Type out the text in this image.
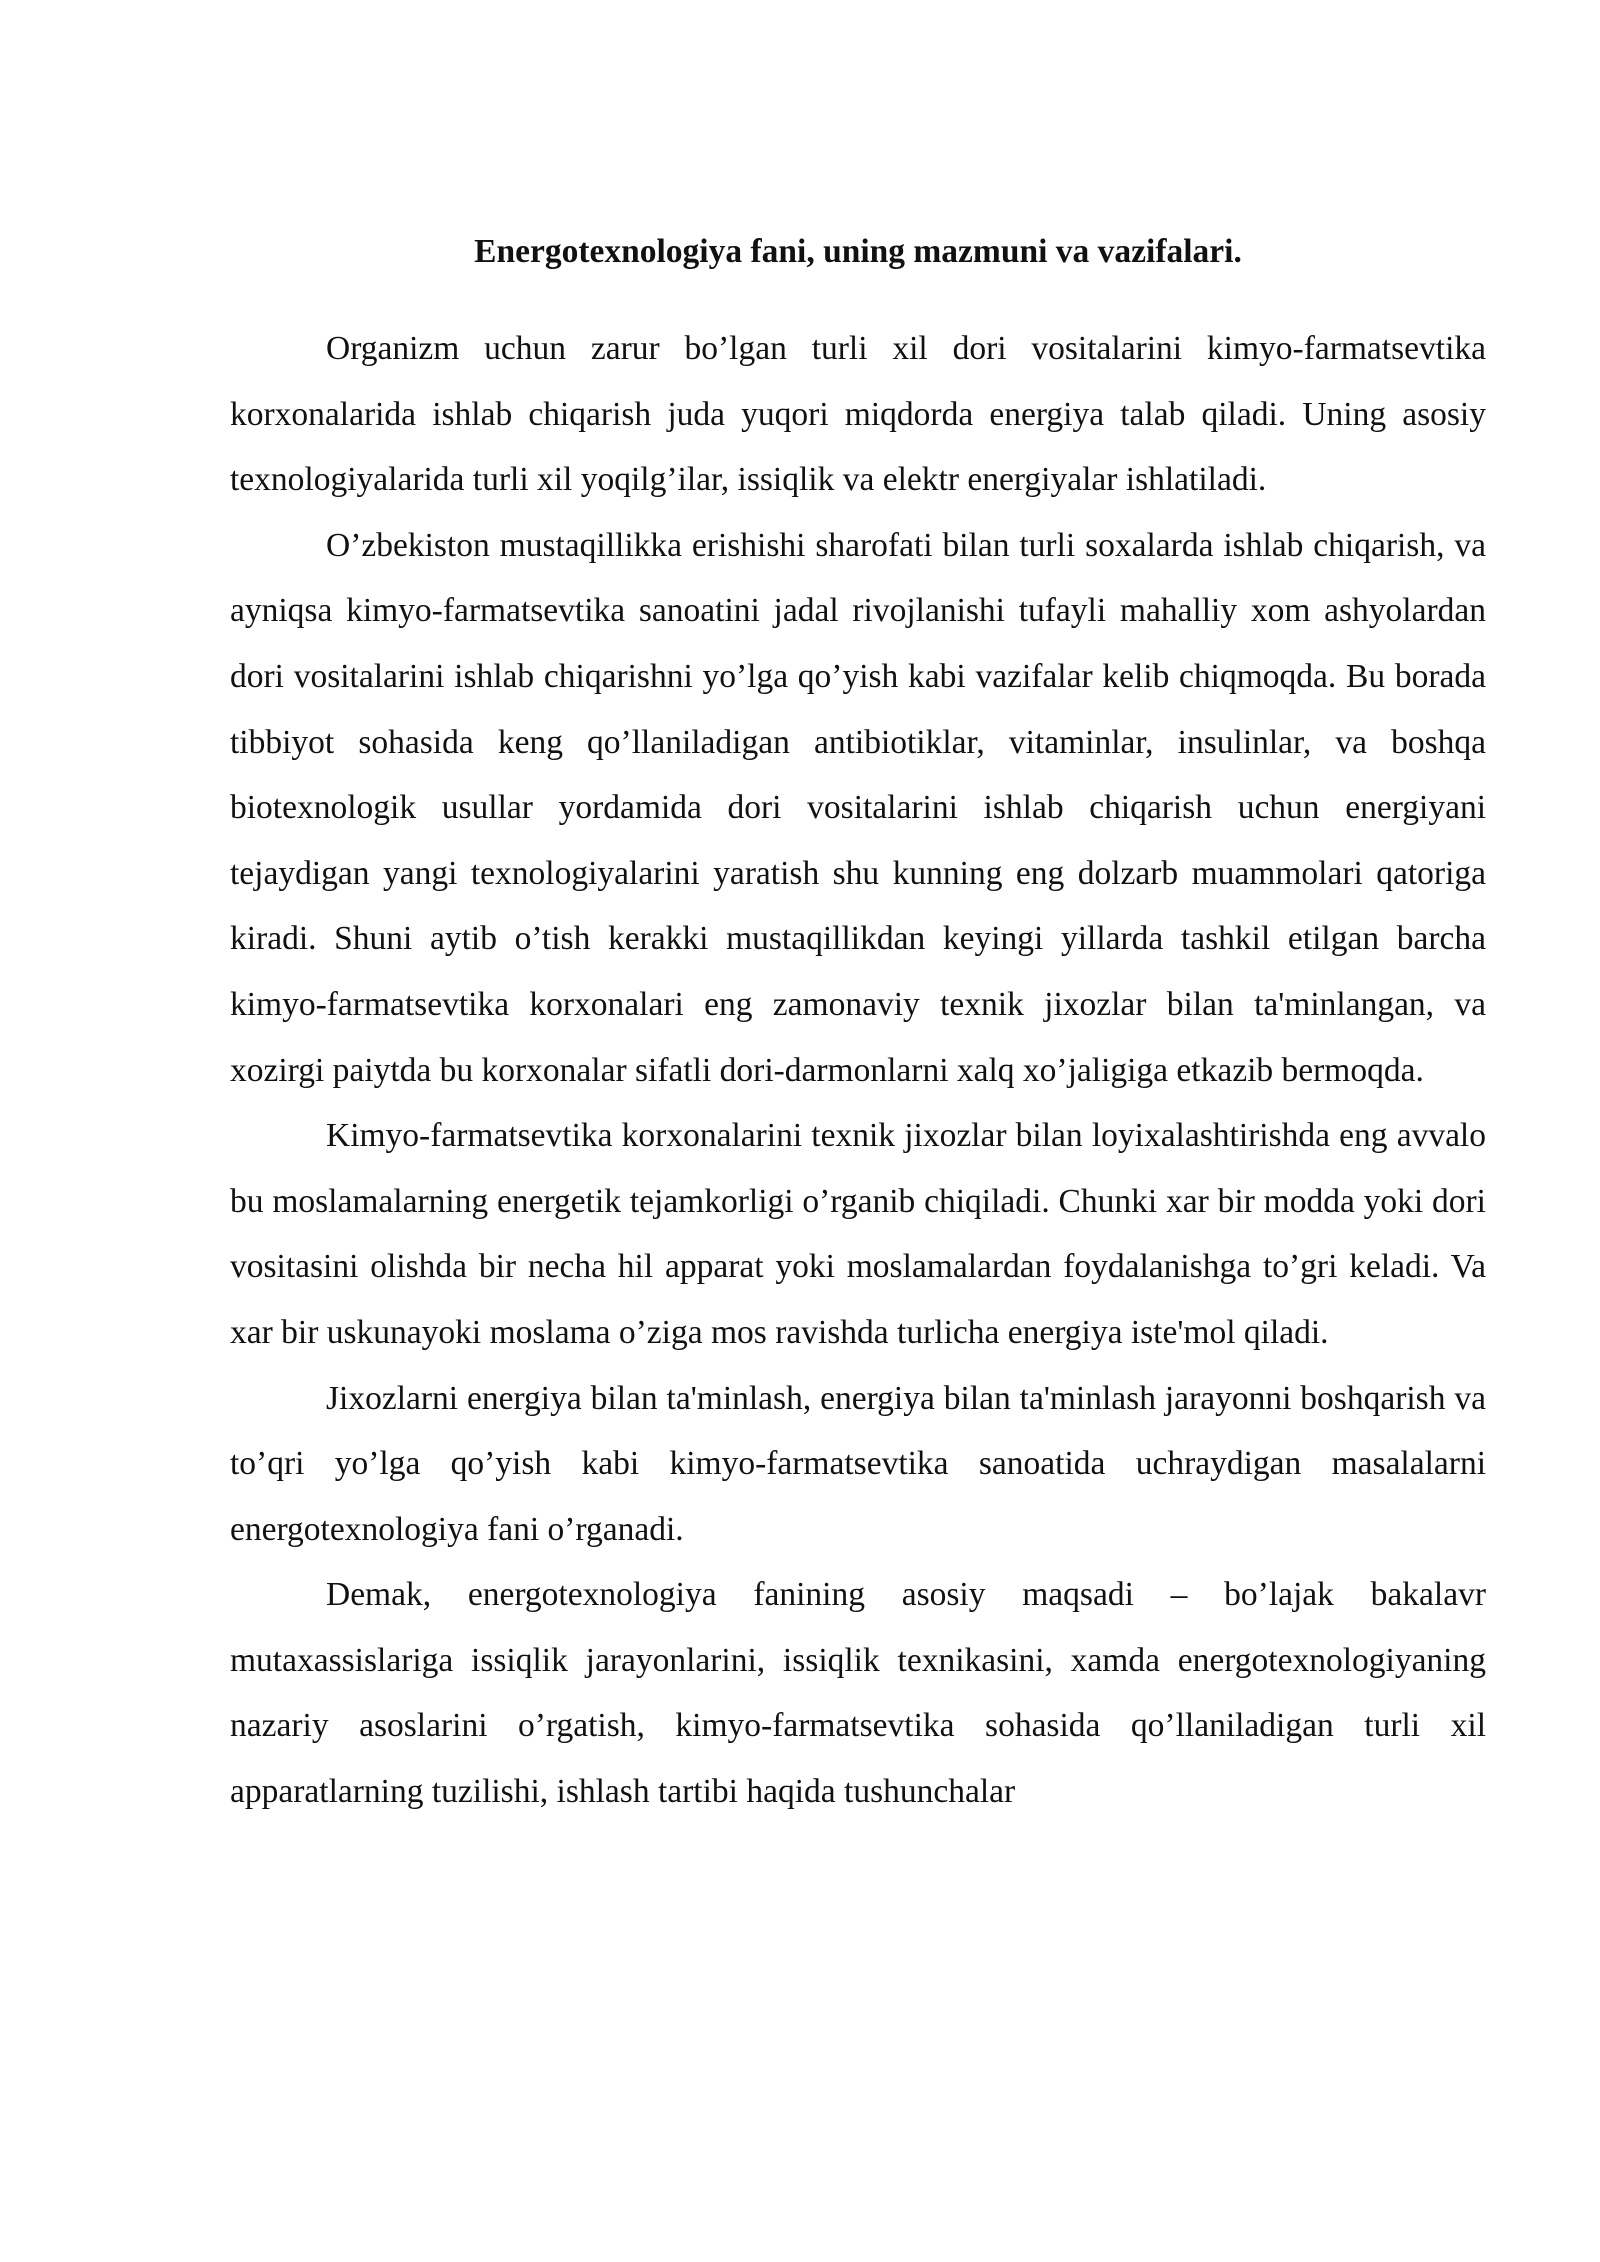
Energotexnologiya fani, uning mazmuni va vazifalari.

Organizm uchun zarur bo’lgan turli xil dori vositalarini kimyo-farmatsevtika korxonalarida ishlab chiqarish juda yuqori miqdorda energiya talab qiladi. Uning asosiy texnologiyalarida turli xil yoqilg’ilar, issiqlik va elektr energiyalar ishlatiladi.

O’zbekiston mustaqillikka erishishi sharofati bilan turli soxalarda ishlab chiqarish, va ayniqsa kimyo-farmatsevtika sanoatini jadal rivojlanishi tufayli mahalliy xom ashyolardan dori vositalarini ishlab chiqarishni yo’lga qo’yish kabi vazifalar kelib chiqmoqda. Bu borada tibbiyot sohasida keng qo’llaniladigan antibiotiklar, vitaminlar, insulinlar, va boshqa biotexnologik usullar yordamida dori vositalarini ishlab chiqarish uchun energiyani tejaydigan yangi texnologiyalarini yaratish shu kunning eng dolzarb muammolari qatoriga kiradi. Shuni aytib o’tish kerakki mustaqillikdan keyingi yillarda tashkil etilgan barcha kimyo-farmatsevtika korxonalari eng zamonaviy texnik jixozlar bilan ta'minlangan, va xozirgi paiytda bu korxonalar sifatli dori-darmonlarni xalq xo’jaligiga etkazib bermoqda.

Kimyo-farmatsevtika korxonalarini texnik jixozlar bilan loyixalashtirishda eng avvalo bu moslamalarning energetik tejamkorligi o’rganib chiqiladi. Chunki xar bir modda yoki dori vositasini olishda bir necha hil apparat yoki moslamalardan foydalanishga to’gri keladi. Va xar bir uskunayoki moslama o’ziga mos ravishda turlicha energiya iste'mol qiladi.

Jixozlarni energiya bilan ta'minlash, energiya bilan ta'minlash jarayonni boshqarish va to’qri yo’lga qo’yish kabi kimyo-farmatsevtika sanoatida uchraydigan masalalarni energotexnologiya fani o’rganadi.

Demak, energotexnologiya fanining asosiy maqsadi – bo’lajak bakalavr mutaxassislariga issiqlik jarayonlarini, issiqlik texnikasini, xamda energotexnologiyaning nazariy asoslarini o’rgatish, kimyo-farmatsevtika sohasida qo’llaniladigan turli xil apparatlarning tuzilishi, ishlash tartibi haqida tushunchalar
